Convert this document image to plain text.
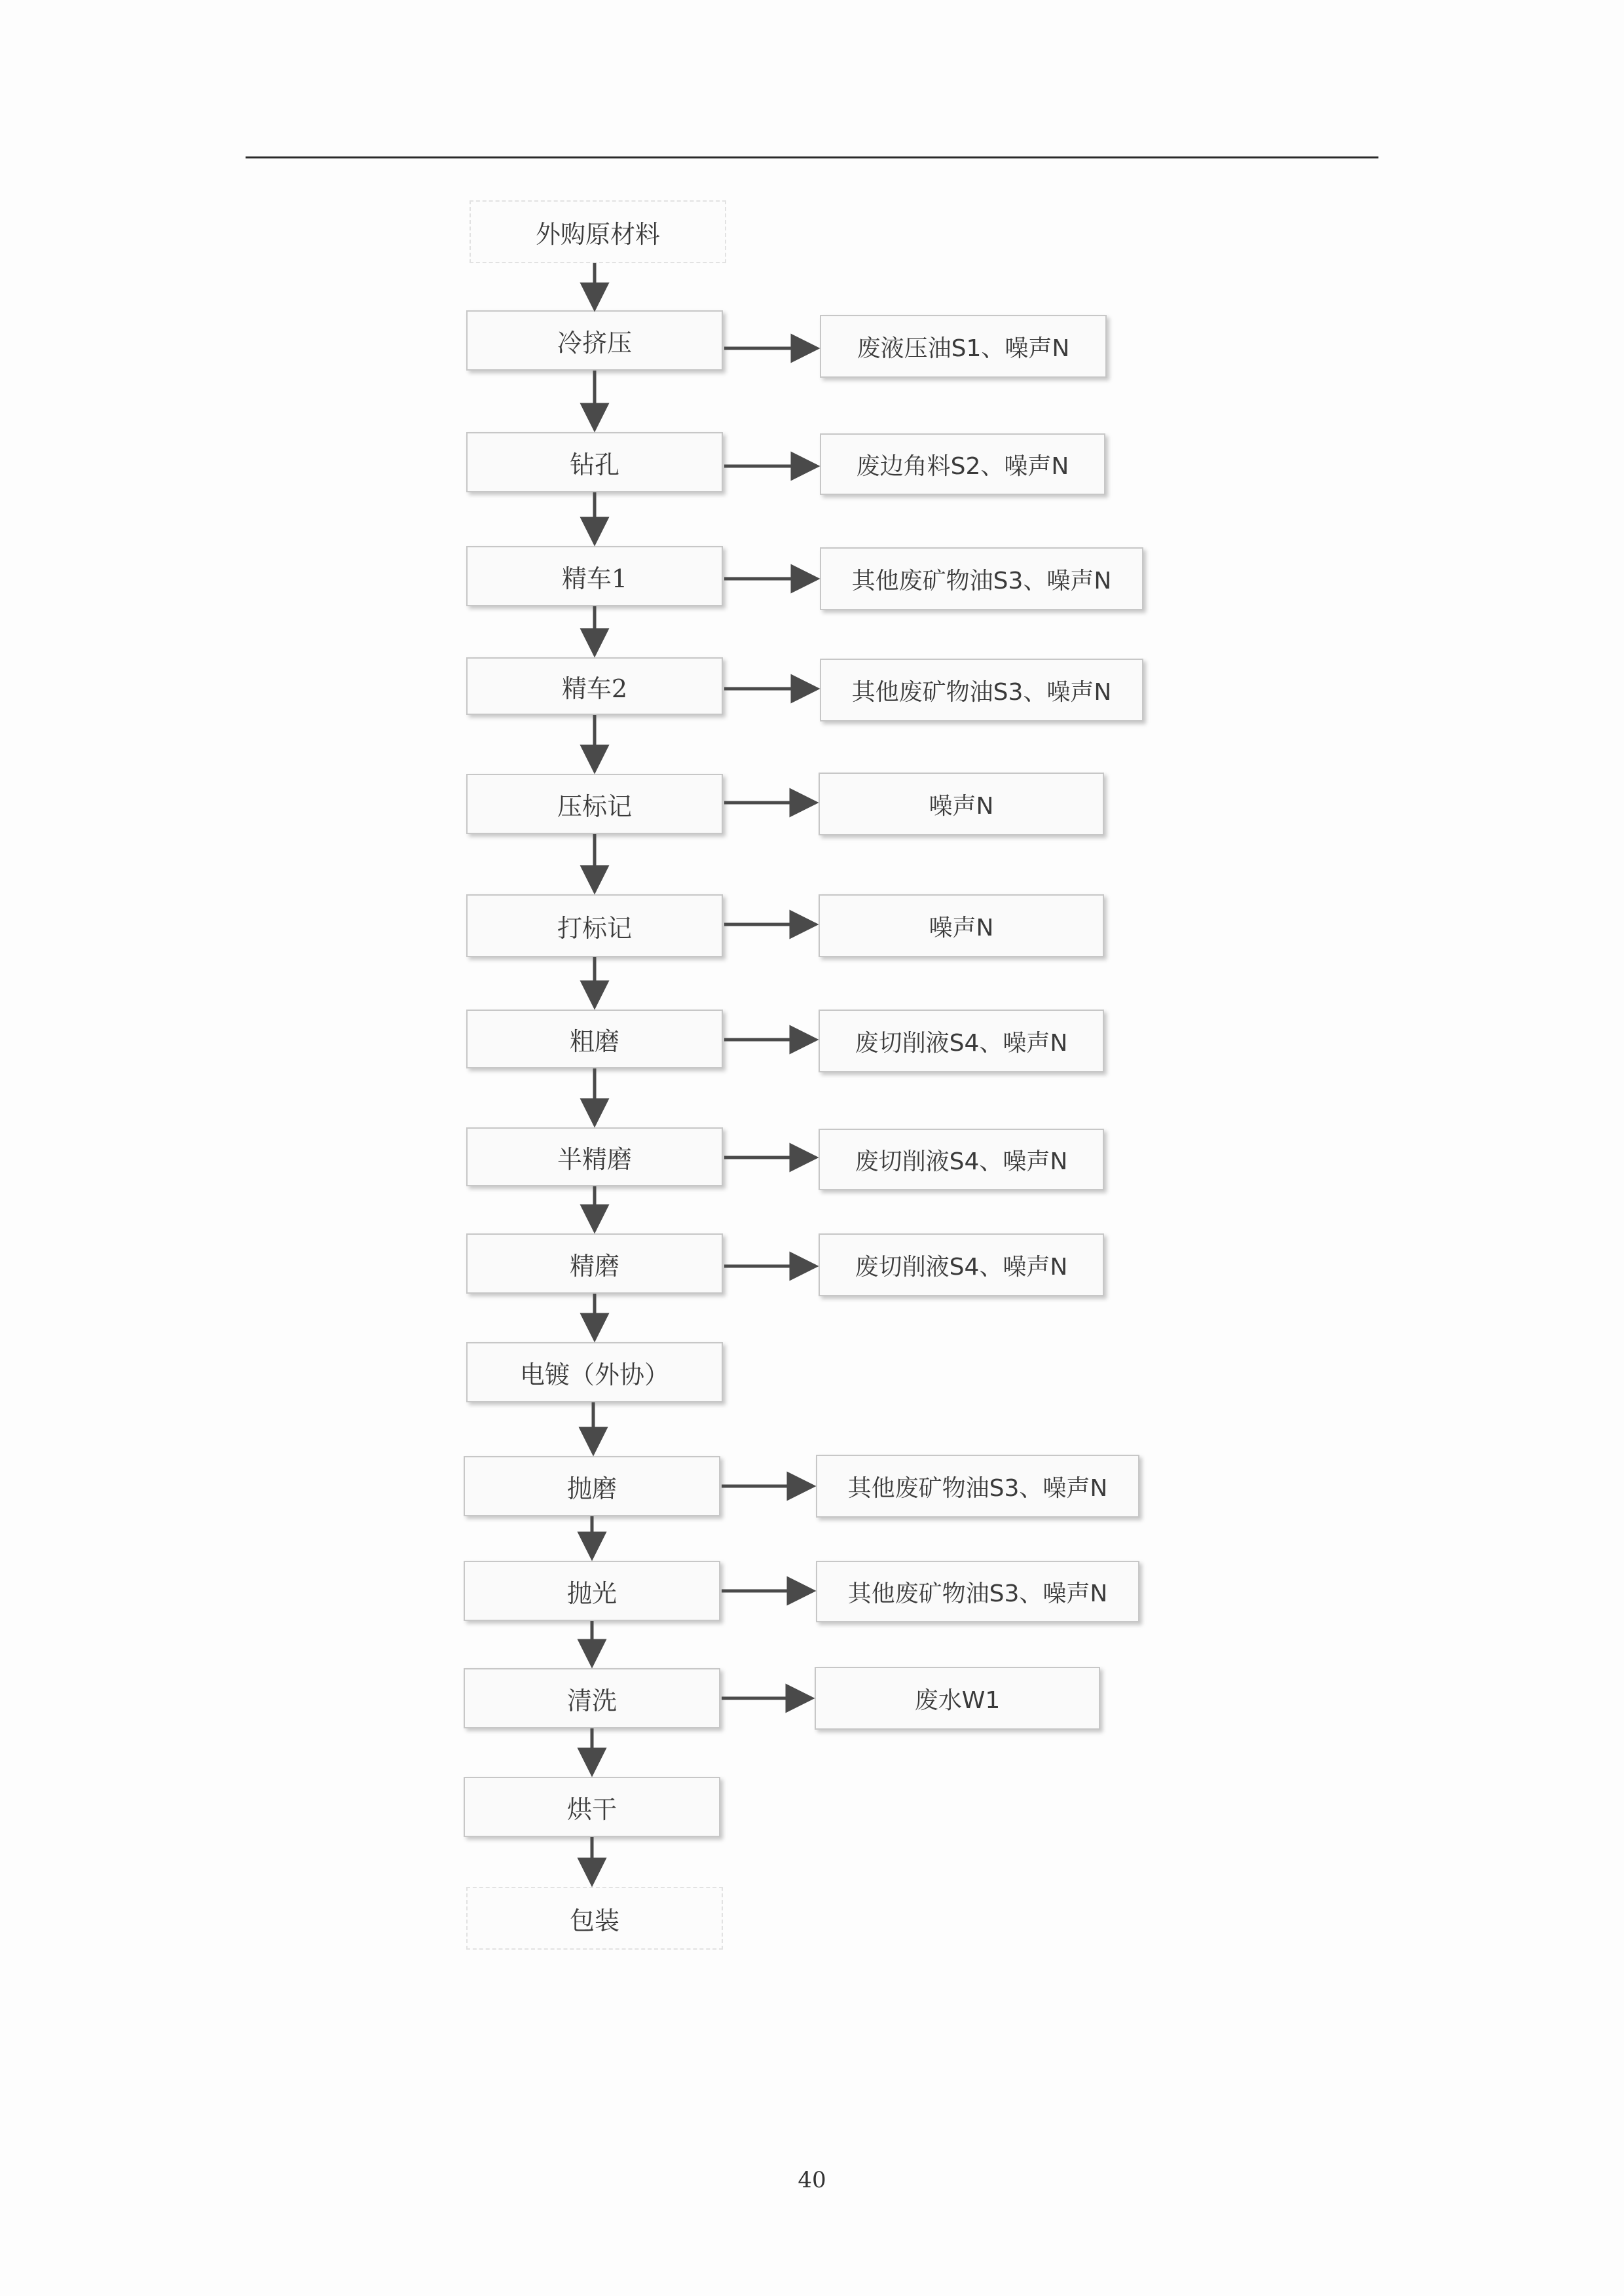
外购原材料
冷挤压
钻孔
精车1
精车2
压标记
打标记
粗磨
半精磨
精磨
电镀（外协）
抛磨
抛光
清洗
烘干
包装
废液压油S1、噪声N
废边角料S2、噪声N
其他废矿物油S3、噪声N
其他废矿物油S3、噪声N
噪声N
噪声N
废切削液S4、噪声N
废切削液S4、噪声N
废切削液S4、噪声N
其他废矿物油S3、噪声N
其他废矿物油S3、噪声N
废水W1
40
